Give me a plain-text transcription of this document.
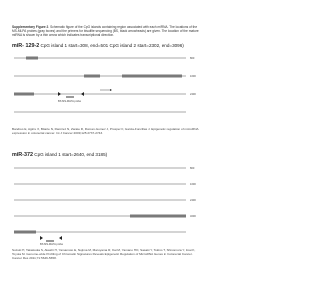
Supplementary Figure 2. Schematic figure of the CpG islands containing region associated with each miRNA. The locations of the MS-MLPA probes (gray boxes) and the primers for bisulfite sequencing (BS, black arrowheads) are given. The location of the mature miRNA is shown by a thin arrow which indicates transcriptional direction.
miR- 129-2 CpG island 1 start=308, end=501 CpG island 2 start=2302, end=3096)
800
1600
2400
BS MS-MLPA probe
800
1600
2400
3200
BS MS-MLPA probe
Bandres E, Agirre X, Bitarte N, Ramirez N, Zarate R, Roman-Gomez J, Prosper F, Garcia-Foncillas J. Epigenetic regulation of microRNA expression in colorectal cancer. Int J Cancer 2009;125:2737-2743.
miR-372 CpG island 1 start=2640, end 3185)
Suzuki H, Takatsuka S, Akashi H, Yamamoto E, Nojima M, Maruyama R, Kai M, Yamano HO, Sasaki Y, Tokino T, Shinomura Y, Imai K, Toyota M. Genome-wide Profiling of Chromatin Signatures Reveals Epigenetic Regulation of MicroRNA Genes in Colorectal Cancer. Cancer Res 2011;71:5646-5658.
